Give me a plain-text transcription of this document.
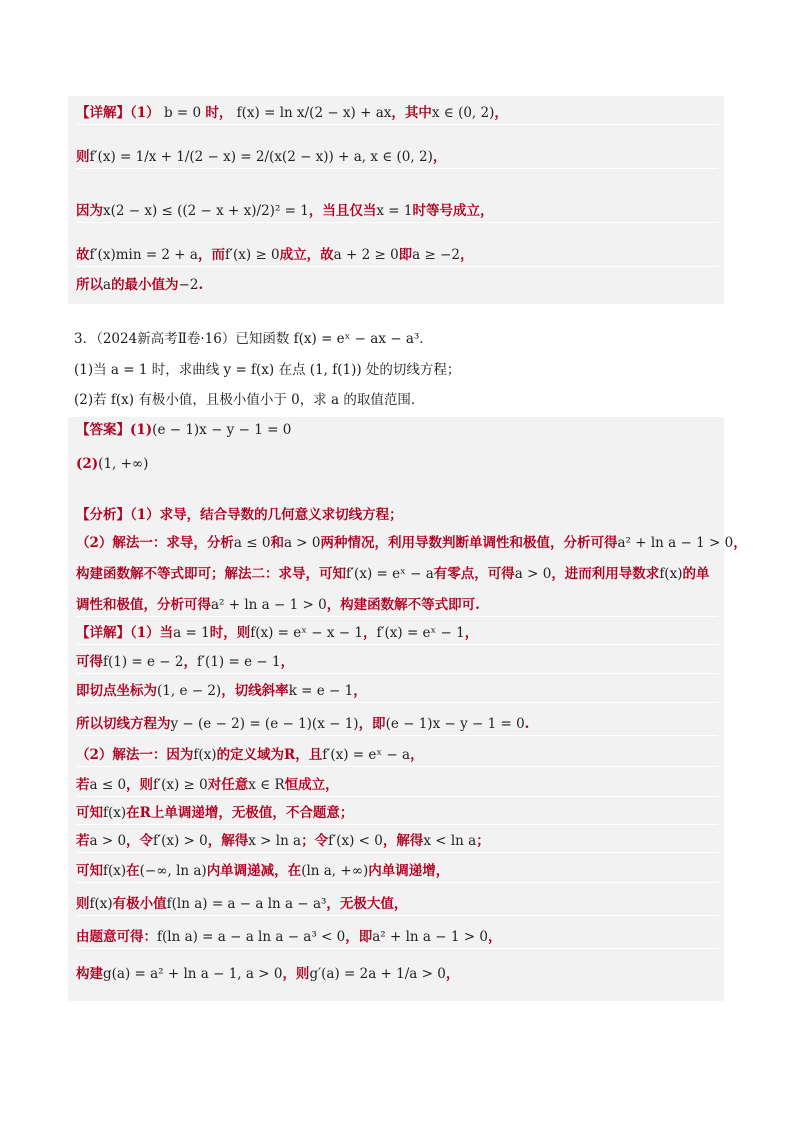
【详解】（1） b = 0 时， f(x) = ln x/(2 − x) + ax，其中x ∈ (0, 2)，
则f′(x) = 1/x + 1/(2 − x) = 2/(x(2 − x)) + a, x ∈ (0, 2)，
因为x(2 − x) ≤ ((2 − x + x)/2)² = 1，当且仅当x = 1时等号成立，
故f′(x)min = 2 + a，而f′(x) ≥ 0成立，故a + 2 ≥ 0即a ≥ −2，
所以a的最小值为−2.
3．（2024新高考Ⅱ卷·16）已知函数 f(x) = eˣ − ax − a³．
(1)当 a = 1 时，求曲线 y = f(x) 在点 (1, f(1)) 处的切线方程；
(2)若 f(x) 有极小值，且极小值小于 0，求 a 的取值范围．
【答案】(1)(e − 1)x − y − 1 = 0
(2)(1, +∞)
【分析】（1）求导，结合导数的几何意义求切线方程；
（2）解法一：求导，分析a ≤ 0和a > 0两种情况，利用导数判断单调性和极值，分析可得a² + ln a − 1 > 0，
构建函数解不等式即可；解法二：求导，可知f′(x) = eˣ − a有零点，可得a > 0，进而利用导数求f(x)的单
调性和极值，分析可得a² + ln a − 1 > 0，构建函数解不等式即可.
【详解】（1）当a = 1时，则f(x) = eˣ − x − 1，f′(x) = eˣ − 1，
可得f(1) = e − 2，f′(1) = e − 1，
即切点坐标为(1, e − 2)，切线斜率k = e − 1，
所以切线方程为y − (e − 2) = (e − 1)(x − 1)，即(e − 1)x − y − 1 = 0.
（2）解法一：因为f(x)的定义域为R，且f′(x) = eˣ − a，
若a ≤ 0，则f′(x) ≥ 0对任意x ∈ R恒成立，
可知f(x)在R上单调递增，无极值，不合题意；
若a > 0，令f′(x) > 0，解得x > ln a；令f′(x) < 0，解得x < ln a；
可知f(x)在(−∞, ln a)内单调递减，在(ln a, +∞)内单调递增，
则f(x)有极小值f(ln a) = a − a ln a − a³，无极大值，
由题意可得：f(ln a) = a − a ln a − a³ < 0，即a² + ln a − 1 > 0，
构建g(a) = a² + ln a − 1, a > 0，则g′(a) = 2a + 1/a > 0，
